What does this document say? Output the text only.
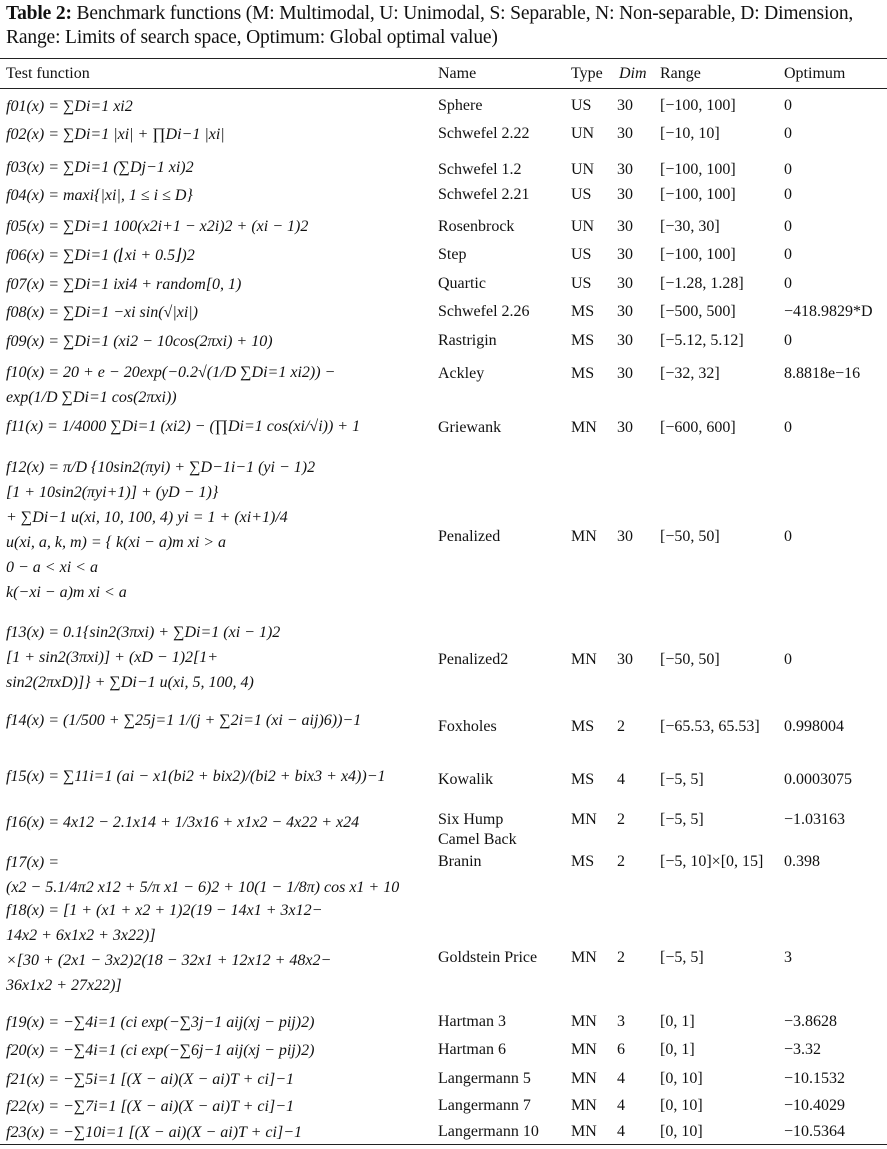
Table 2: Benchmark functions (M: Multimodal, U: Unimodal, S: Separable, N: Non-separable, D: Dimension, Range: Limits of search space, Optimum: Global optimal value)
Test function	Name	Type Dim Range	Optimum
f01(x) = ∑Di=1 xi2	Sphere	US 30 [−100, 100]	0
f02(x) = ∑Di=1 |xi| + ∏Di−1 |xi|	Schwefel 2.22	UN 30 [−10, 10]	0
f03(x) = ∑Di=1 (∑Dj−1 xi)2	Schwefel 1.2	UN 30 [−100, 100]	0
f04(x) = maxi{|xi|, 1 ≤ i ≤ D}	Schwefel 2.21	US 30 [−100, 100]	0
f05(x) = ∑Di=1 100(x2i+1 − x2i)2 + (xi − 1)2	Rosenbrock	UN 30 [−30, 30]	0
f06(x) = ∑Di=1 (⌊xi + 0.5⌋)2	Step	US 30 [−100, 100]	0
f07(x) = ∑Di=1 ixi4 + random[0, 1)	Quartic	US 30 [−1.28, 1.28]	0
f08(x) = ∑Di=1 −xi sin(√|xi|)	Schwefel 2.26	MS 30 [−500, 500]	−418.9829*D
f09(x) = ∑Di=1 (xi2 − 10cos(2πxi) + 10)	Rastrigin	MS 30 [−5.12, 5.12]	0
f10(x) = 20 + e − 20exp(−0.2√(1/D ∑Di=1 xi2)) −
exp(1/D ∑Di=1 cos(2πxi))
Ackley	MS 30 [−32, 32]	8.8818e−16
f11(x) = 1/4000 ∑Di=1 (xi2) − (∏Di=1 cos(xi/√i)) + 1	Griewank	MN 30 [−600, 600]	0
f12(x) = π/D {10sin2(πyi) + ∑D−1i−1 (yi − 1)2
[1 + 10sin2(πyi+1)] + (yD − 1)}
+ ∑Di−1 u(xi, 10, 100, 4) yi = 1 + (xi+1)/4
u(xi, a, k, m) = { k(xi − a)m xi > a
0 − a < xi < a
k(−xi − a)m xi < a
Penalized	MN 30 [−50, 50]	0
f13(x) = 0.1{sin2(3πxi) + ∑Di=1 (xi − 1)2
[1 + sin2(3πxi)] + (xD − 1)2[1+
sin2(2πxD)]} + ∑Di−1 u(xi, 5, 100, 4)
Penalized2	MN 30 [−50, 50]	0
f14(x) = (1/500 + ∑25j=1 1/(j + ∑2i=1 (xi − aij)6))−1	Foxholes	MS 2 [−65.53, 65.53] 0.998004
f15(x) = ∑11i=1 (ai − x1(bi2 + bix2)/(bi2 + bix3 + x4))−1	Kowalik	MS 4 [−5, 5]	0.0003075
f16(x) = 4x12 − 2.1x14 + 1/3x16 + x1x2 − 4x22 + x24	Six Hump	MN 2 [−5, 5]	−1.03163
Camel Back
f17(x) =
(x2 − 5.1/4π2 x12 + 5/π x1 − 6)2 + 10(1 − 1/8π) cos x1 + 10
Branin	MS 2 [−5, 10]×[0, 15] 0.398
f18(x) = [1 + (x1 + x2 + 1)2(19 − 14x1 + 3x12−
14x2 + 6x1x2 + 3x22)]
×[30 + (2x1 − 3x2)2(18 − 32x1 + 12x12 + 48x2−
36x1x2 + 27x22)]
Goldstein Price MN 2 [−5, 5]	3
f19(x) = −∑4i=1 (ci exp(−∑3j−1 aij(xj − pij)2)	Hartman 3	MN 3 [0, 1]	−3.8628
f20(x) = −∑4i=1 (ci exp(−∑6j−1 aij(xj − pij)2)	Hartman 6	MN 6 [0, 1]	−3.32
f21(x) = −∑5i=1 [(X − ai)(X − ai)T + ci]−1	Langermann 5	MN 4 [0, 10]	−10.1532
f22(x) = −∑7i=1 [(X − ai)(X − ai)T + ci]−1	Langermann 7	MN 4 [0, 10]	−10.4029
f23(x) = −∑10i=1 [(X − ai)(X − ai)T + ci]−1	Langermann 10 MN 4 [0, 10]	−10.5364
